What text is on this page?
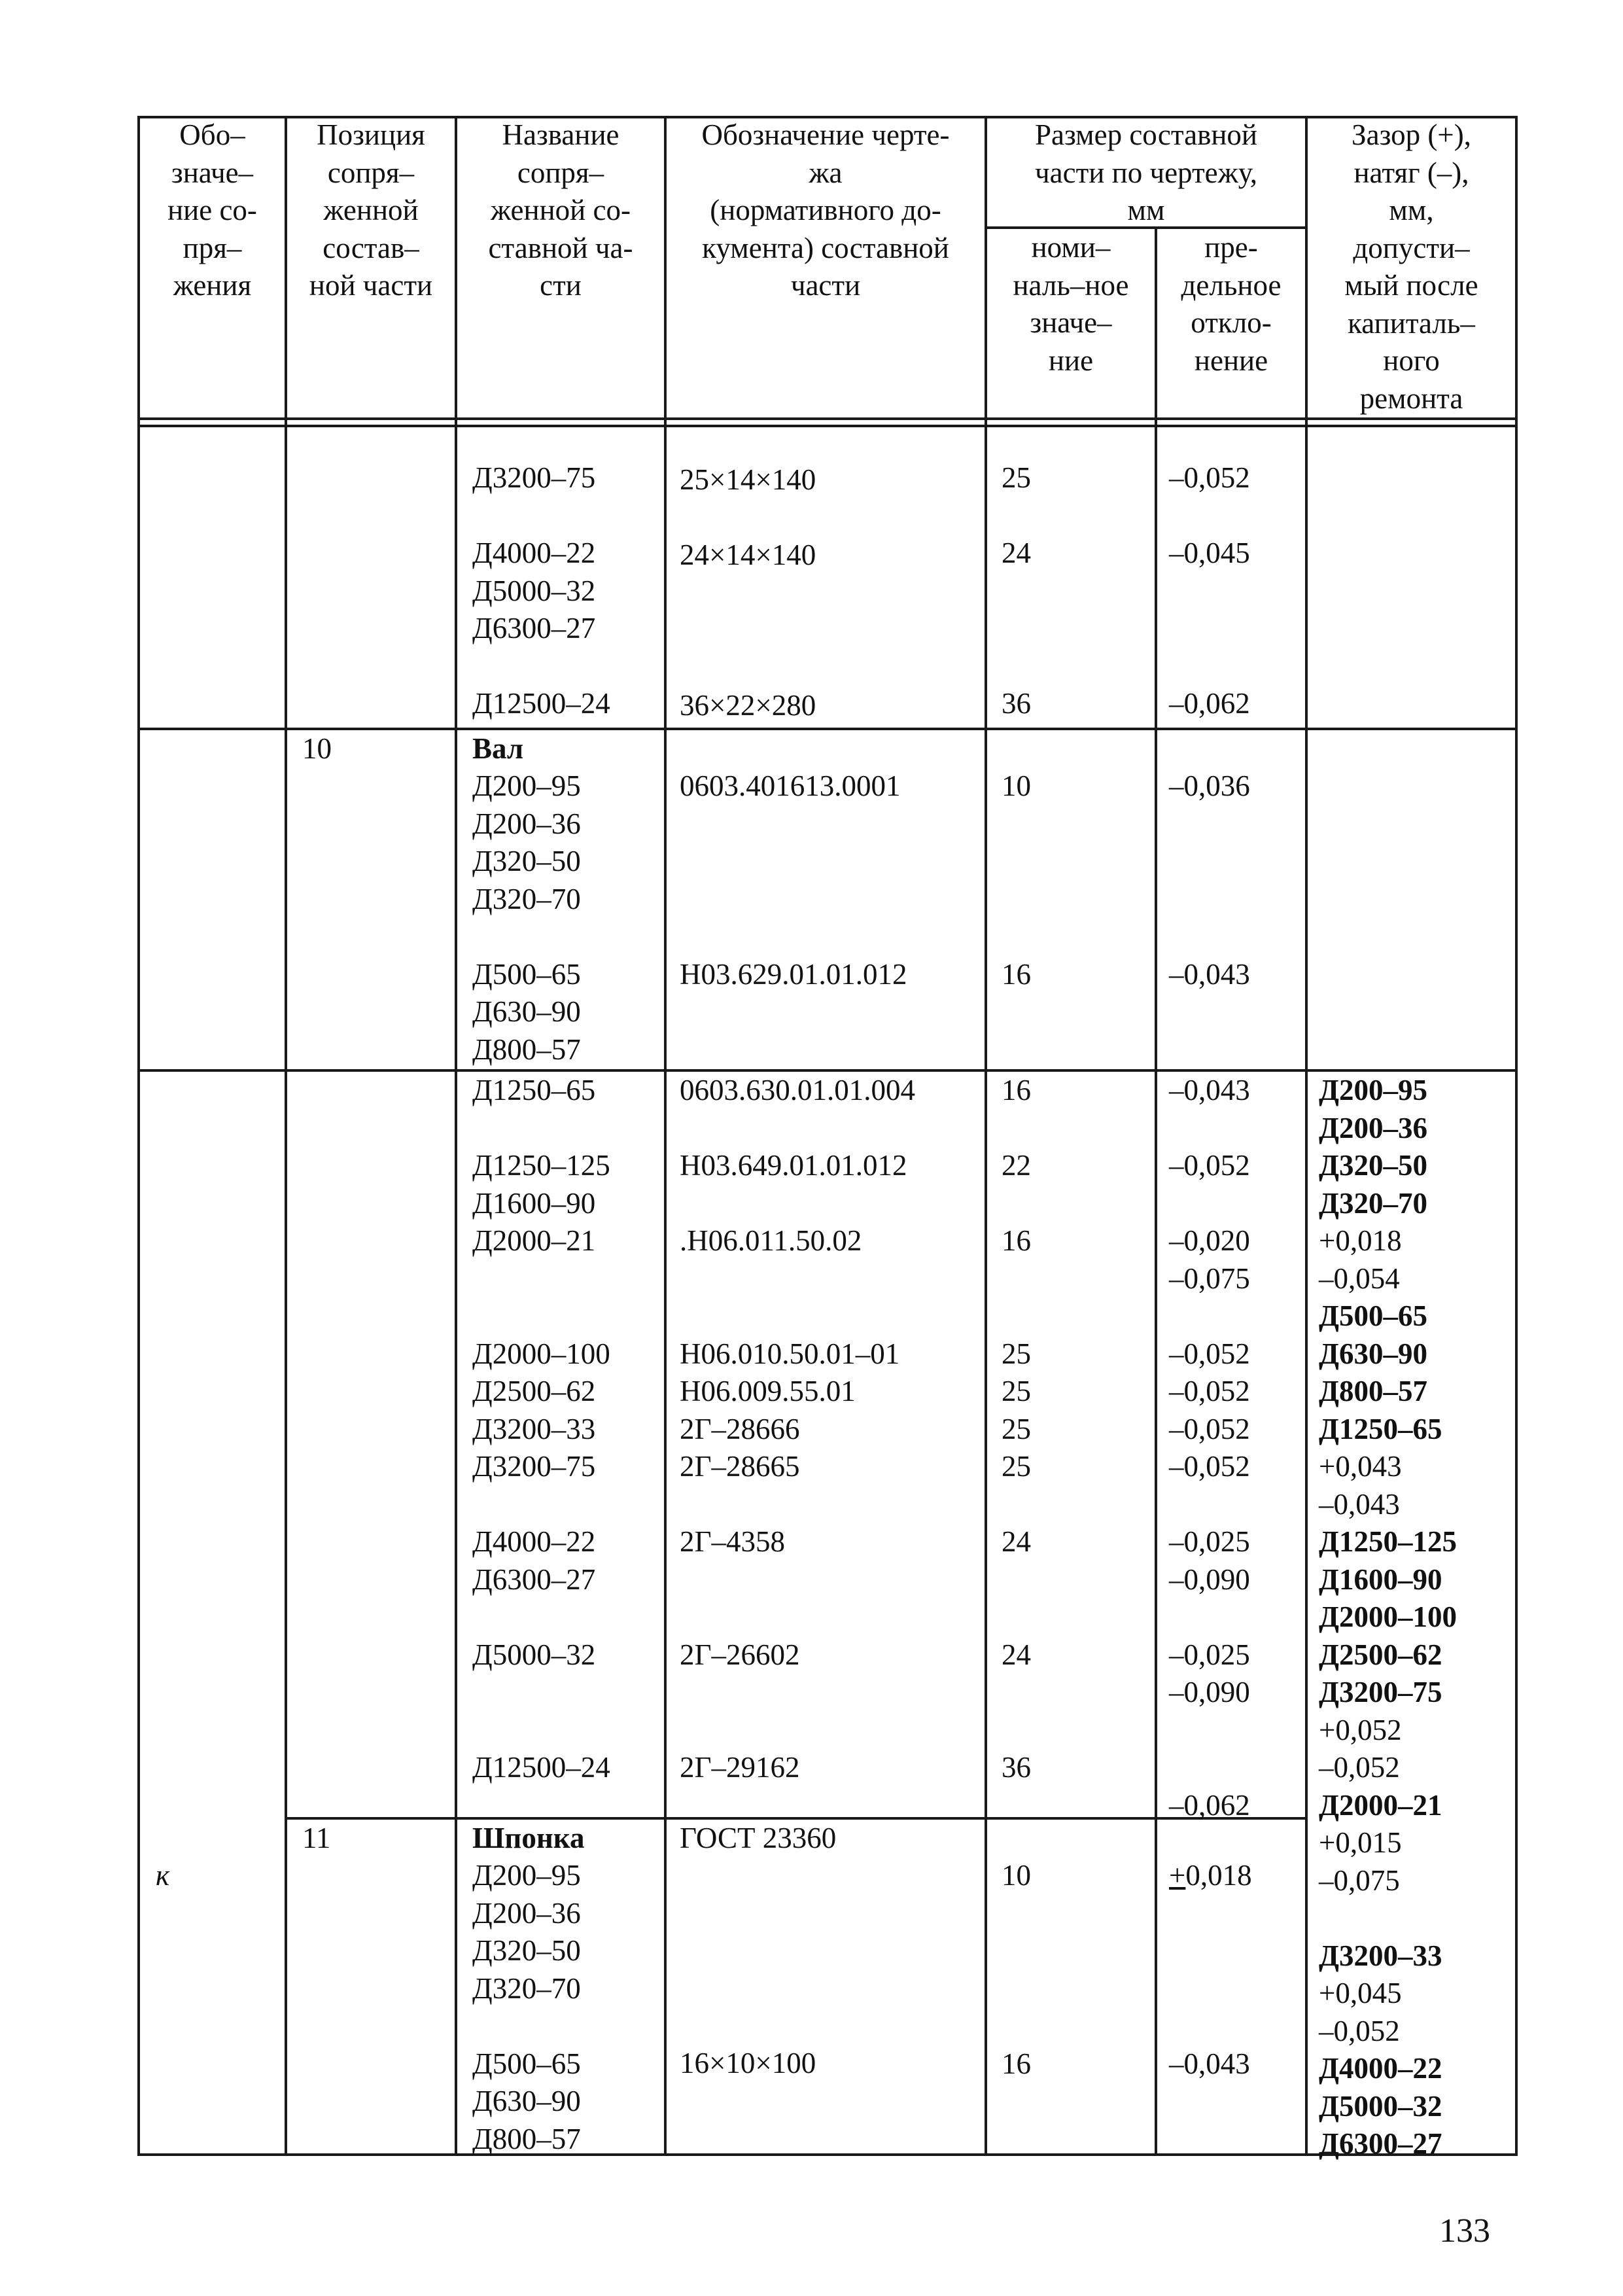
Обо–
значе–
ние со-
пря–
жения
Позиция
сопря–
женной
состав–
ной части
Название
сопря–
женной со-
ставной ча-
сти
Обозначение черте-
жа
(нормативного до-
кумента) составной
части
Размер составной
части по чертежу,
мм
номи–
наль–ное
значе–
ние
пре-
дельное
откло-
нение
Зазор (+),
натяг (–),
мм,
допусти–
мый после
капиталь–
ного
ремонта
Д3200–75

Д4000–22
Д5000–32
Д6300–27

Д12500–24
25×14×140

24×14×140

36×22×280
25

24

36
–0,052

–0,045

–0,062
10	Вал
Д200–95
Д200–36
Д320–50
Д320–70

Д500–65
Д630–90
Д800–57
0603.401613.0001

Н03.629.01.01.012
10

16
–0,036

–0,043
Д1250–65

Д1250–125
Д1600–90
Д2000–21

Д2000–100
Д2500–62
Д3200–33
Д3200–75

Д4000–22
Д6300–27

Д5000–32

Д12500–24
0603.630.01.01.004

Н03.649.01.01.012

.Н06.011.50.02

Н06.010.50.01–01
Н06.009.55.01
2Г–28666
2Г–28665

2Г–4358

2Г–26602

2Г–29162
16

22

16

25
25
25
25

24

24

36
–0,043

–0,052

–0,020
–0,075

–0,052
–0,052
–0,052
–0,052

–0,025
–0,090

–0,025
–0,090

–0,062
к
11	Шпонка
Д200–95
Д200–36
Д320–50
Д320–70

Д500–65
Д630–90
Д800–57
ГОСТ 23360
16×10×100
10

16
+0,018

–0,043
Д200–95
Д200–36
Д320–50
Д320–70
+0,018
–0,054
Д500–65
Д630–90
Д800–57
Д1250–65
+0,043
–0,043
Д1250–125
Д1600–90
Д2000–100
Д2500–62
Д3200–75
+0,052
–0,052
Д2000–21
+0,015
–0,075
Д3200–33
+0,045
–0,052
Д4000–22
Д5000–32
Д6300–27
133
